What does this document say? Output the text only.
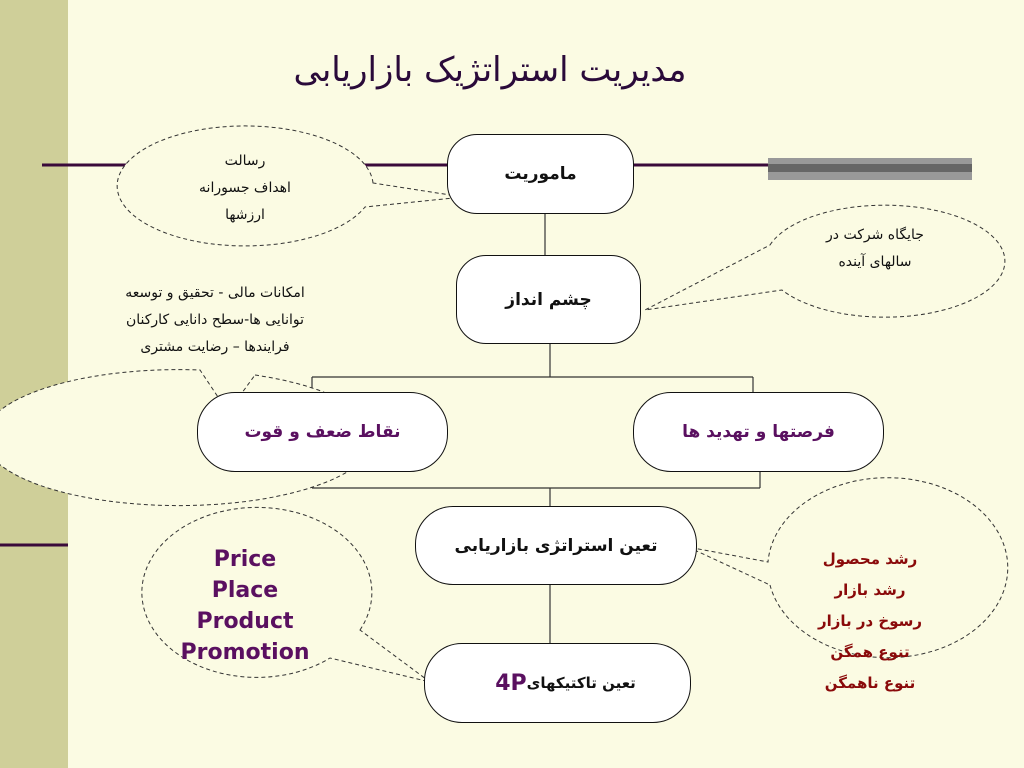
مدیریت استراتژیک بازاریابی
رسالت
اهداف جسورانه
ارزشها
جایگاه شرکت در
سالهای آینده
امکانات مالی - تحقیق و توسعه
توانایی ها-سطح دانایی کارکنان
فرایندها – رضایت مشتری
رشد محصول
رشد بازار
رسوخ در بازار
تنوع همگن
تنوع ناهمگن
Price
Place
Product
Promotion
ماموریت
چشم انداز
نقاط ضعف و قوت	فرصتها و تهدید ها
تعین استراتژی بازاریابی
تعین تاکتیکهای
4P
